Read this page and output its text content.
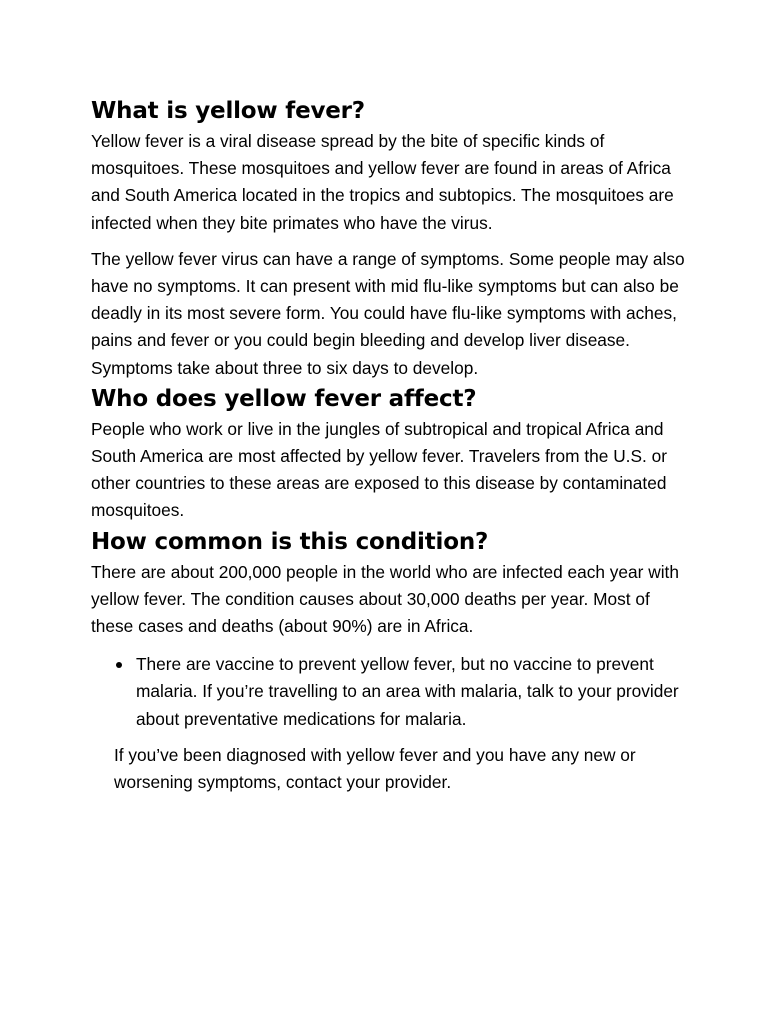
What is yellow fever?

Yellow fever is a viral disease spread by the bite of specific kinds of mosquitoes. These mosquitoes and yellow fever are found in areas of Africa and South America located in the tropics and subtopics. The mosquitoes are infected when they bite primates who have the virus.

The yellow fever virus can have a range of symptoms. Some people may also have no symptoms. It can present with mid flu-like symptoms but can also be deadly in its most severe form. You could have flu-like symptoms with aches, pains and fever or you could begin bleeding and develop liver disease. Symptoms take about three to six days to develop.

Who does yellow fever affect?

People who work or live in the jungles of subtropical and tropical Africa and South America are most affected by yellow fever. Travelers from the U.S. or other countries to these areas are exposed to this disease by contaminated mosquitoes.

How common is this condition?

There are about 200,000 people in the world who are infected each year with yellow fever. The condition causes about 30,000 deaths per year. Most of these cases and deaths (about 90%) are in Africa.

There are vaccine to prevent yellow fever, but no vaccine to prevent malaria. If you’re travelling to an area with malaria, talk to your provider about preventative medications for malaria.

If you’ve been diagnosed with yellow fever and you have any new or worsening symptoms, contact your provider.
